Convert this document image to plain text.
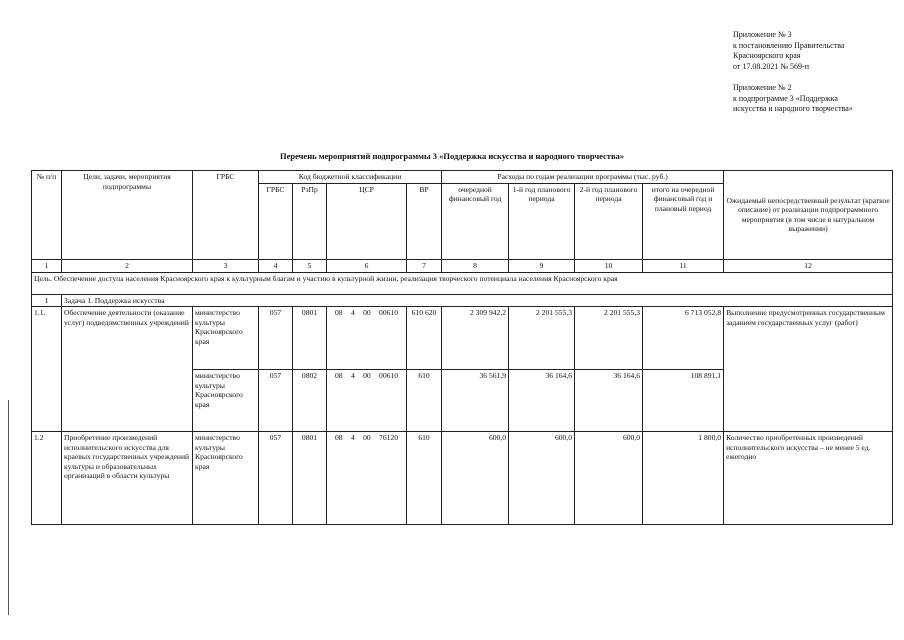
Приложение № 3
к постановлению Правительства
Красноярского края
от 17.08.2021 № 569-п
Приложение № 2
к подпрограмме 3 «Поддержка
искусства и народного творчества»
Перечень мероприятий подпрограммы 3 «Поддержка искусства и народного творчества»
№ п/п	Цели, задачи, мероприятия подпрограммы	ГРБС	Код бюджетной классификации				Расходы по годам реализации программы (тыс. руб.)				Ожидаемый непосредственный результат (краткое описание) от реализации подпрограммного мероприятия (в том числе в натуральном выражении)
			ГРБС	РзПр	ЦСР	ВР	очередной финансовый год	1-й год планового периода	2-й год планового периода	итого на очередной финансовый год и плановый период	
1	2	3	4	5	6	7	8	9	10	11	12
Цель. Обеспечение доступа населения Красноярского края к культурным благам и участию в культурной жизни, реализация творческого потенциала населения Красноярского края											
1	Задача 1. Поддержка искусства										
1.1.	Обеспечение деятельности (оказание услуг) подведомственных учреждений	министерство культуры Красноярского края	057	0801	08 4 00 00610	610 620	2 309 942,2	2 201 555,3	2 201 555,3	6 713 052,8	Выполнение предусмотренных государственным заданием государственных услуг (работ)
		министерство культуры Красноярского края	057	0802	08 4 00 00610	610	36 561,9	36 164,6	36 164,6	108 891,1	
1.2	Приобретение произведений исполнительского искусства для краевых государственных учреждений культуры и образовательных организаций в области культуры	министерство культуры Красноярского края	057	0801	08 4 00 76120	610	600,0	600,0	600,0	1 800,0	Количество приобретенных произведений исполнительского искусства – не менее 5 ед. ежегодно
